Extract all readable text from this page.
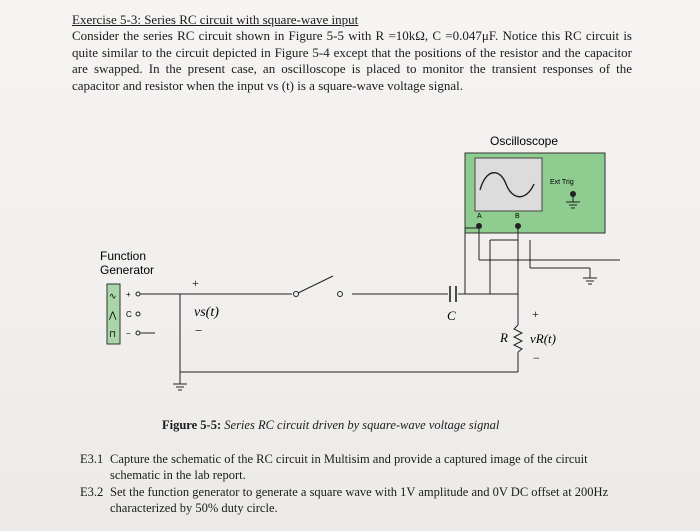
Exercise 5-3: Series RC circuit with square-wave input
Consider the series RC circuit shown in Figure 5-5 with R =10kΩ, C =0.047μF. Notice this RC circuit is quite similar to the circuit depicted in Figure 5-4 except that the positions of the resistor and the capacitor are swapped. In the present case, an oscilloscope is placed to monitor the transient responses of the capacitor and resistor when the input vs (t) is a square-wave voltage signal.
Oscilloscope
Ext Trig
A	B
Function
Generator
∿
⋀
⊓
+
C
−
+
vs(t)
−
C
R
+
vR(t)
−
Figure 5-5: Series RC circuit driven by square-wave voltage signal
E3.1 Capture the schematic of the RC circuit in Multisim and provide a captured image of the circuit schematic in the lab report.
E3.2 Set the function generator to generate a square wave with 1V amplitude and 0V DC offset at 200Hz characterized by 50% duty circle.
